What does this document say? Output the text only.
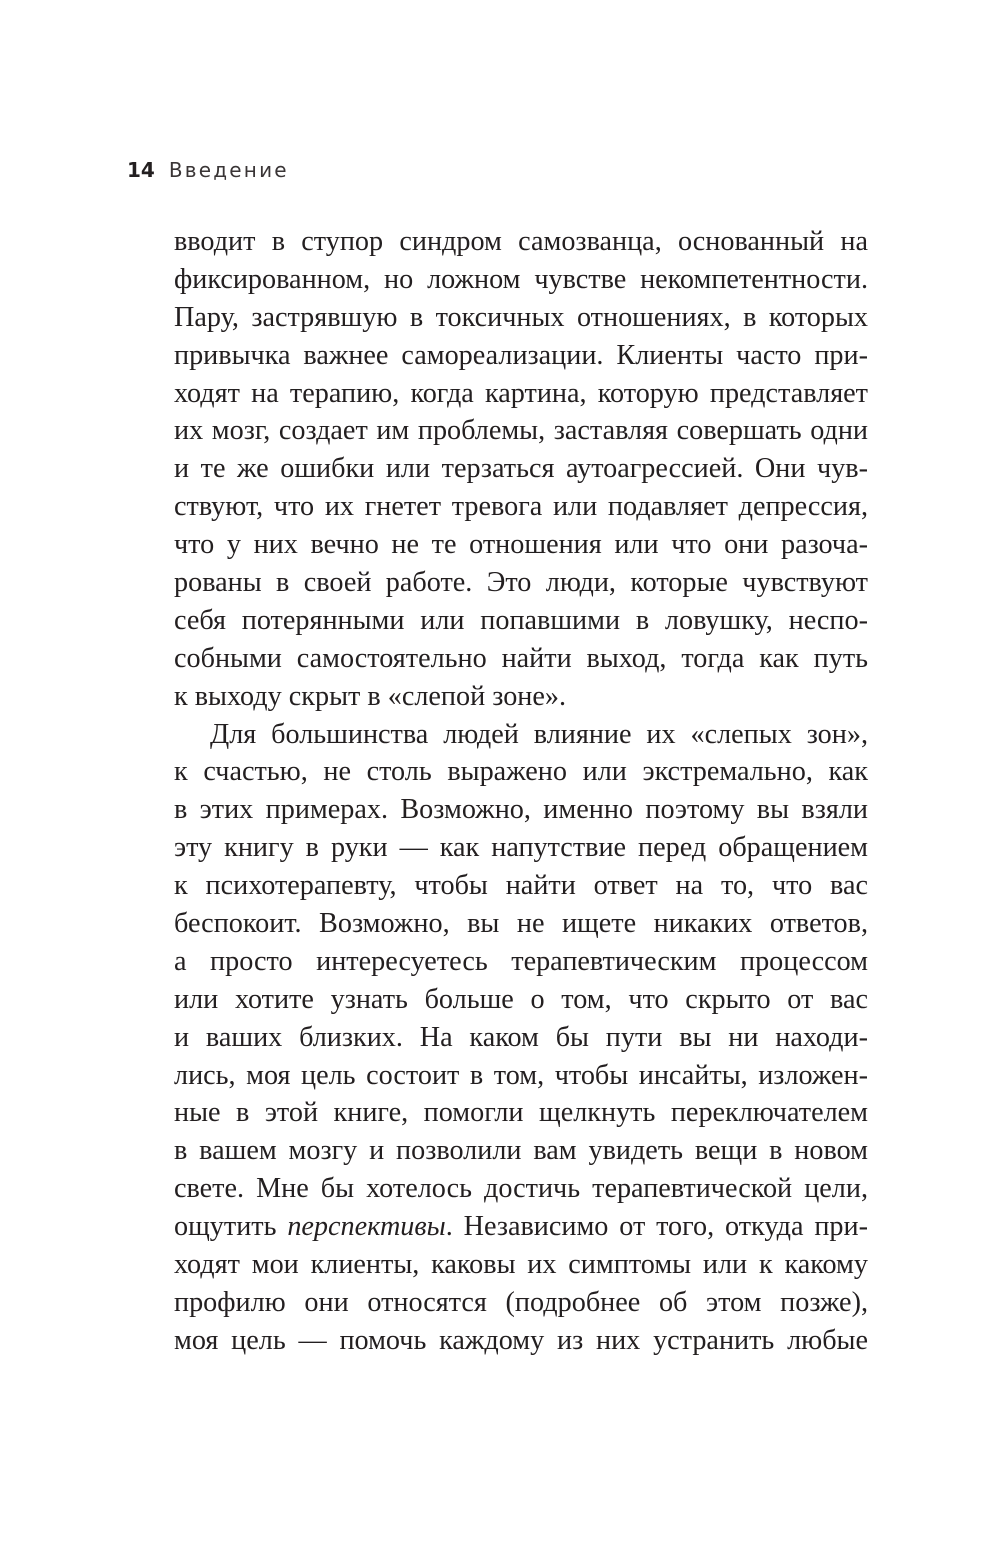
14 Введение
вводит в ступор синдром самозванца, основанный на
фиксированном, но ложном чувстве некомпетентности.
Пару, застрявшую в токсичных отношениях, в которых
привычка важнее самореализации. Клиенты часто при-
ходят на терапию, когда картина, которую представляет
их мозг, создает им проблемы, заставляя совершать одни
и те же ошибки или терзаться аутоагрессией. Они чув-
ствуют, что их гнетет тревога или подавляет депрессия,
что у них вечно не те отношения или что они разоча-
рованы в своей работе. Это люди, которые чувствуют
себя потерянными или попавшими в ловушку, неспо-
собными самостоятельно найти выход, тогда как путь
к выходу скрыт в «слепой зоне».
Для большинства людей влияние их «слепых зон»,
к счастью, не столь выражено или экстремально, как
в этих примерах. Возможно, именно поэтому вы взяли
эту книгу в руки — как напутствие перед обращением
к психотерапевту, чтобы найти ответ на то, что вас
беспокоит. Возможно, вы не ищете никаких ответов,
а просто интересуетесь терапевтическим процессом
или хотите узнать больше о том, что скрыто от вас
и ваших близких. На каком бы пути вы ни находи-
лись, моя цель состоит в том, чтобы инсайты, изложен-
ные в этой книге, помогли щелкнуть переключателем
в вашем мозгу и позволили вам увидеть вещи в новом
свете. Мне бы хотелось достичь терапевтической цели,
ощутить перспективы. Независимо от того, откуда при-
ходят мои клиенты, каковы их симптомы или к какому
профилю они относятся (подробнее об этом позже),
моя цель — помочь каждому из них устранить любые
